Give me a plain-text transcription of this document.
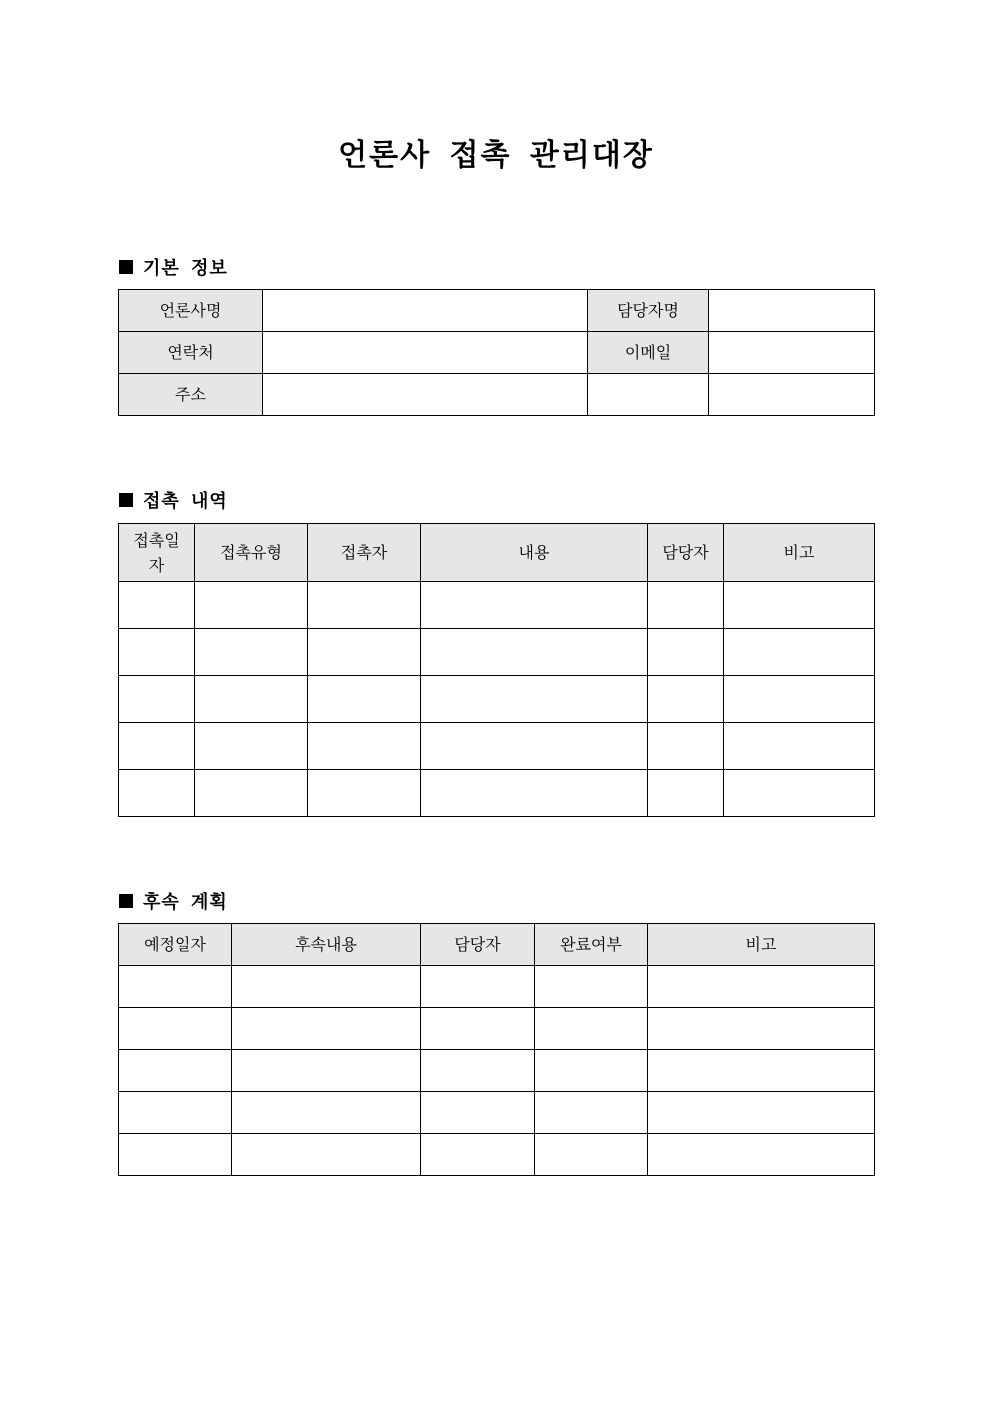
언론사 접촉 관리대장
기본 정보
언론사명		담당자명	
연락처		이메일	
주소			
접촉 내역
접촉일자	접촉유형	접촉자	내용	담당자	비고

후속 계획
예정일자	후속내용	담당자	완료여부	비고
